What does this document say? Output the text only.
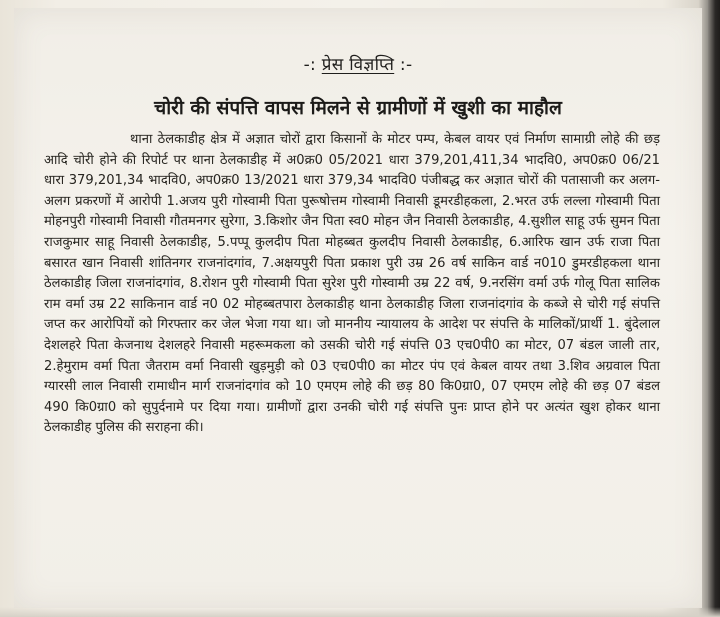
-: प्रेस विज्ञप्ति :-
चोरी की संपत्ति वापस मिलने से ग्रामीणों में खुशी का माहौल

थाना ठेलकाडीह क्षेत्र में अज्ञात चोरों द्वारा किसानों के मोटर पम्प, केबल वायर एवं निर्माण सामाग्री लोहे की छड़ आदि चोरी होने की रिपोर्ट पर थाना ठेलकाडीह में अ0क्र0 05/2021 धारा 379,201,411,34 भादवि0, अप0क्र0 06/21 धारा 379,201,34 भादवि0, अप0क्र0 13/2021 धारा 379,34 भादवि0 पंजीबद्ध कर अज्ञात चोरों की पतासाजी कर अलग-अलग प्रकरणों में आरोपी 1.अजय पुरी गोस्वामी पिता पुरूषोत्तम गोस्वामी निवासी डूमरडीहकला, 2.भरत उर्फ लल्ला गोस्वामी पिता मोहनपुरी गोस्वामी निवासी गौतमनगर सुरेगा, 3.किशोर जैन पिता स्व0 मोहन जैन निवासी ठेलकाडीह, 4.सुशील साहू उर्फ सुमन पिता राजकुमार साहू निवासी ठेलकाडीह, 5.पप्पू कुलदीप पिता मोहब्बत कुलदीप निवासी ठेलकाडीह, 6.आरिफ खान उर्फ राजा पिता बसारत खान निवासी शांतिनगर राजनांदगांव, 7.अक्षयपुरी पिता प्रकाश पुरी उम्र 26 वर्ष साकिन वार्ड न010 डुमरडीहकला थाना ठेलकाडीह जिला राजनांदगांव, 8.रोशन पुरी गोस्वामी पिता सुरेश पुरी गोस्वामी उम्र 22 वर्ष, 9.नरसिंग वर्मा उर्फ गोलू पिता सालिक राम वर्मा उम्र 22 साकिनान वार्ड न0 02 मोहब्बतपारा ठेलकाडीह थाना ठेलकाडीह जिला राजनांदगांव के कब्जे से चोरी गई संपत्ति जप्त कर आरोपियों को गिरफ्तार कर जेल भेजा गया था। जो माननीय न्यायालय के आदेश पर संपत्ति के मालिकों/प्रार्थी 1. बुंदेलाल देशलहरे पिता केजनाथ देशलहरे निवासी महरूमकला को उसकी चोरी गई संपत्ति 03 एच0पी0 का मोटर, 07 बंडल जाली तार, 2.हेमुराम वर्मा पिता जैतराम वर्मा निवासी खुड़मुड़ी को 03 एच0पी0 का मोटर पंप एवं केबल वायर तथा 3.शिव अग्रवाल पिता ग्यारसी लाल निवासी रामाधीन मार्ग राजनांदगांव को 10 एमएम लोहे की छड़ 80 कि0ग्रा0, 07 एमएम लोहे की छड़ 07 बंडल 490 कि0ग्रा0 को सुपुर्दनामे पर दिया गया। ग्रामीणों द्वारा उनकी चोरी गई संपत्ति पुनः प्राप्त होने पर अत्यंत खुश होकर थाना ठेलकाडीह पुलिस की सराहना की।
